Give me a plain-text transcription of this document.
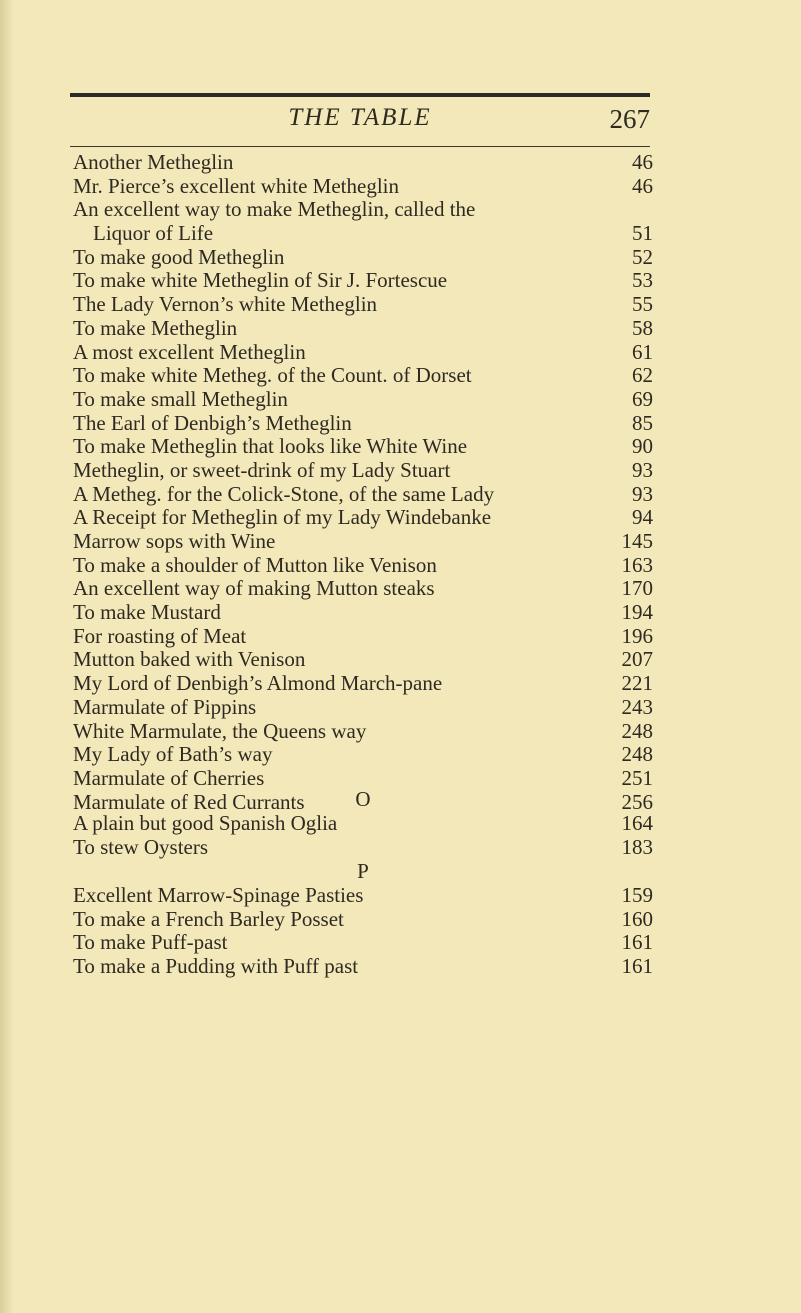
THE TABLE	267
Another Metheglin	46
Mr. Pierce’s excellent white Metheglin	46
An excellent way to make Metheglin, called the
Liquor of Life	51
To make good Metheglin	52
To make white Metheglin of Sir J. Fortescue	53
The Lady Vernon’s white Metheglin	55
To make Metheglin	58
A most excellent Metheglin	61
To make white Metheg. of the Count. of Dorset	62
To make small Metheglin	69
The Earl of Denbigh’s Metheglin	85
To make Metheglin that looks like White Wine	90
Metheglin, or sweet-drink of my Lady Stuart	93
A Metheg. for the Colick-Stone, of the same Lady	93
A Receipt for Metheglin of my Lady Windebanke	94
Marrow sops with Wine	145
To make a shoulder of Mutton like Venison	163
An excellent way of making Mutton steaks	170
To make Mustard	194
For roasting of Meat	196
Mutton baked with Venison	207
My Lord of Denbigh’s Almond March-pane	221
Marmulate of Pippins	243
White Marmulate, the Queens way	248
My Lady of Bath’s way	248
Marmulate of Cherries	251
Marmulate of Red Currants	256
O
A plain but good Spanish Oglia	164
To stew Oysters	183
P
Excellent Marrow-Spinage Pasties	159
To make a French Barley Posset	160
To make Puff-past	161
To make a Pudding with Puff past	161
